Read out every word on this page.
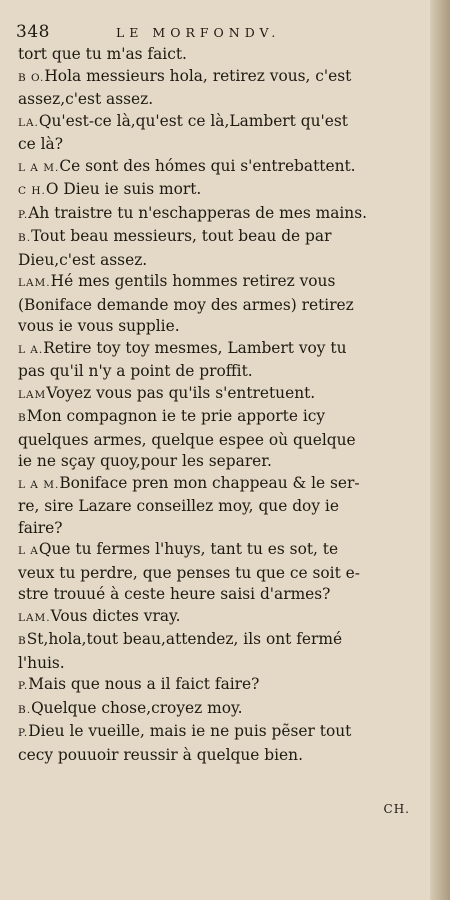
348	LE MORFONDV.
tort que tu m'as faict.
B O.Hola messieurs hola, retirez vous, c'est
assez,c'est assez.
LA.Qu'est-ce là,qu'est ce là,Lambert qu'est
ce là?
L A M.Ce sont des hómes qui s'entrebattent.
C H.O Dieu ie suis mort.
P.Ah traistre tu n'eschapperas de mes mains.
B.Tout beau messieurs, tout beau de par
Dieu,c'est assez.
LAM.Hé mes gentils hommes retirez vous
(Boniface demande moy des armes) retirez
vous ie vous supplie.
L A.Retire toy toy mesmes, Lambert voy tu
pas qu'il n'y a point de proffit.
LAMVoyez vous pas qu'ils s'entretuent.
BMon compagnon ie te prie apporte icy
quelques armes, quelque espee où quelque
ie ne sçay quoy,pour les separer.
L A M.Boniface pren mon chappeau & le ser-
re, sire Lazare conseillez moy, que doy ie
faire?
L AQue tu fermes l'huys, tant tu es sot, te
veux tu perdre, que penses tu que ce soit e-
stre trouué à ceste heure saisi d'armes?
LAM.Vous dictes vray.
BSt,hola,tout beau,attendez, ils ont fermé
l'huis.
P.Mais que nous a il faict faire?
B.Quelque chose,croyez moy.
P.Dieu le vueille, mais ie ne puis pẽser tout
cecy pouuoir reussir à quelque bien.
CH.
